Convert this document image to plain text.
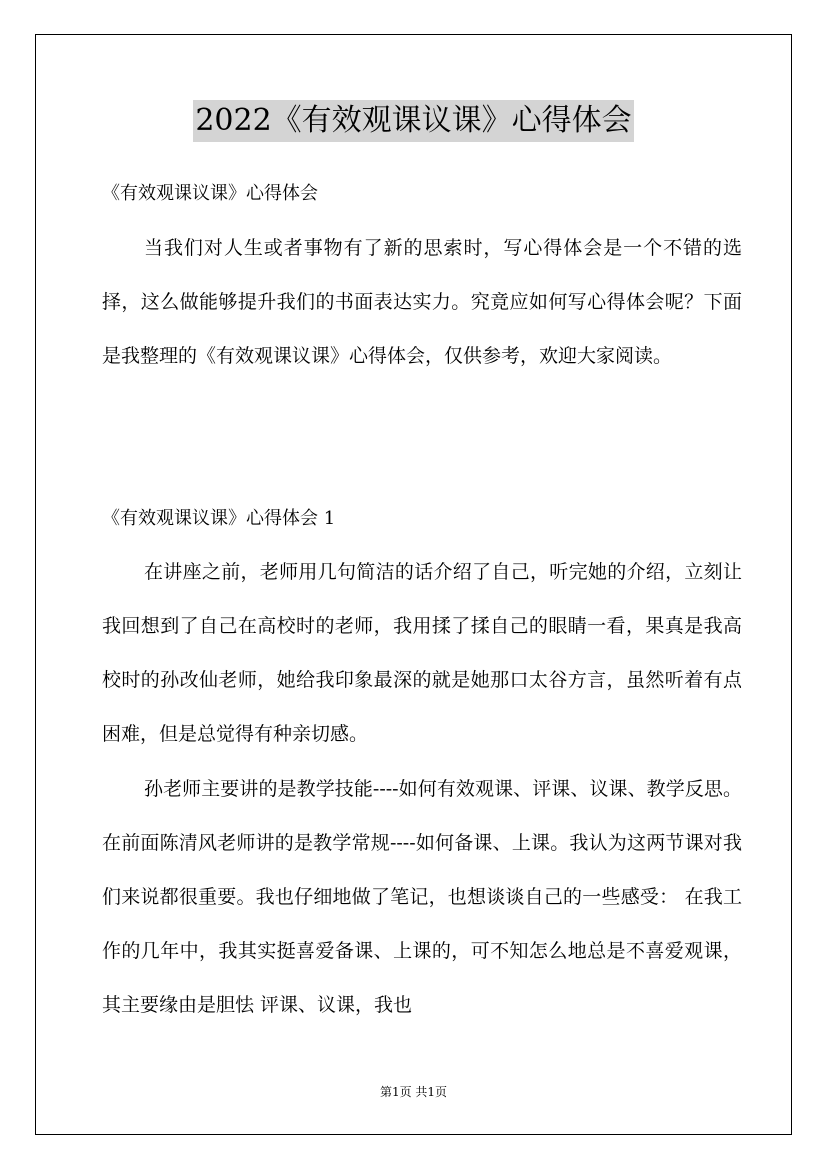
2022《有效观课议课》心得体会

《有效观课议课》心得体会

当我们对人生或者事物有了新的思索时，写心得体会是一个不错的选择，这么做能够提升我们的书面表达实力。究竟应如何写心得体会呢？下面是我整理的《有效观课议课》心得体会，仅供参考，欢迎大家阅读。

《有效观课议课》心得体会 1

在讲座之前，老师用几句简洁的话介绍了自己，听完她的介绍，立刻让我回想到了自己在高校时的老师，我用揉了揉自己的眼睛一看，果真是我高校时的孙改仙老师，她给我印象最深的就是她那口太谷方言，虽然听着有点困难，但是总觉得有种亲切感。

孙老师主要讲的是教学技能----如何有效观课、评课、议课、教学反思。在前面陈清风老师讲的是教学常规----如何备课、上课。我认为这两节课对我们来说都很重要。我也仔细地做了笔记，也想谈谈自己的一些感受： 在我工作的几年中，我其实挺喜爱备课、上课的，可不知怎么地总是不喜爱观课，其主要缘由是胆怯 评课、议课，我也

第1页 共1页
